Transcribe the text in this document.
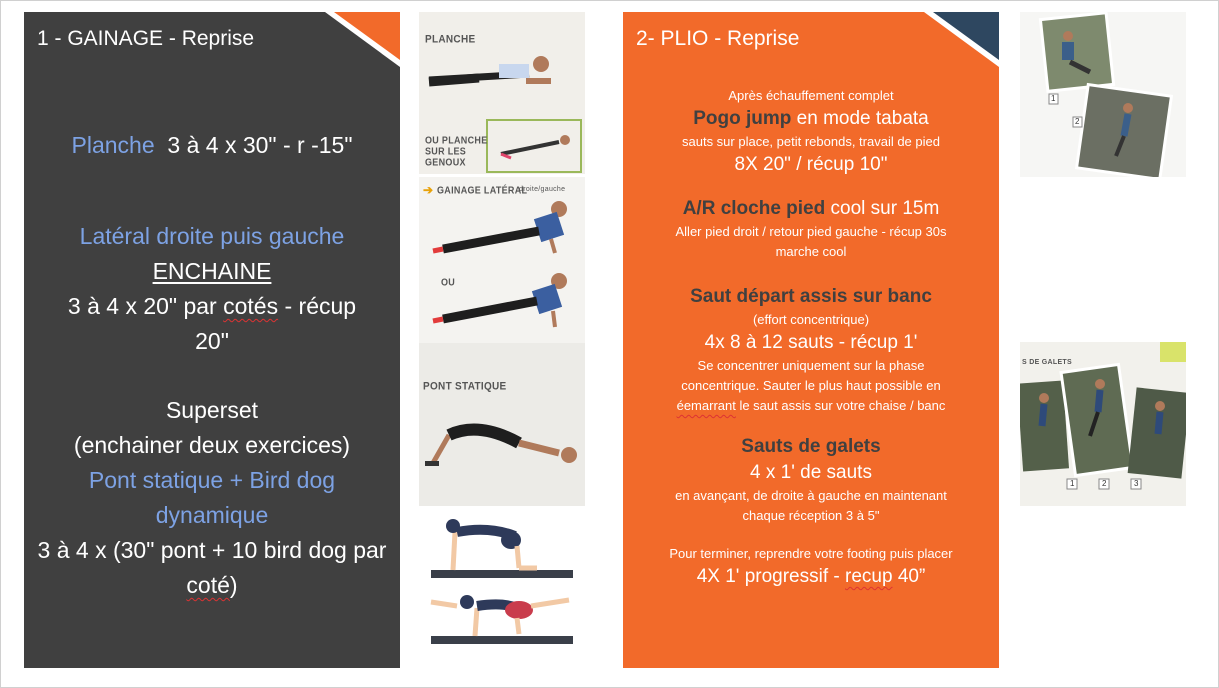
1 - GAINAGE - Reprise
Planche 3 à 4 x 30" - r -15"
Latéral droite puis gauche
ENCHAINE
3 à 4 x 20" par cotés - récup 20"
Superset
(enchainer deux exercices)
Pont statique + Bird dog dynamique
3 à 4 x (30" pont + 10 bird dog par coté)
PLANCHE
OU PLANCHE SUR LES GENOUX
➔ GAINAGE LATÉRAL
droite/gauche
OU
PONT STATIQUE
2- PLIO - Reprise
Après échauffement complet
Pogo jump en mode tabata
sauts sur place, petit rebonds, travail de pied
8X 20" / récup 10"
A/R cloche pied cool sur 15m
Aller pied droit / retour pied gauche - récup 30s
marche cool
Saut départ assis sur banc
(effort concentrique)
4x 8 à 12 sauts - récup 1'
Se concentrer uniquement sur la phase
concentrique. Sauter le plus haut possible en
éemarrant le saut assis sur votre chaise / banc
Sauts de galets
4 x 1' de sauts
en avançant, de droite à gauche en maintenant
chaque réception 3 à 5"
Pour terminer, reprendre votre footing puis placer
4X 1' progressif - recup 40”
1
2
S DE GALETS
1	2	3
